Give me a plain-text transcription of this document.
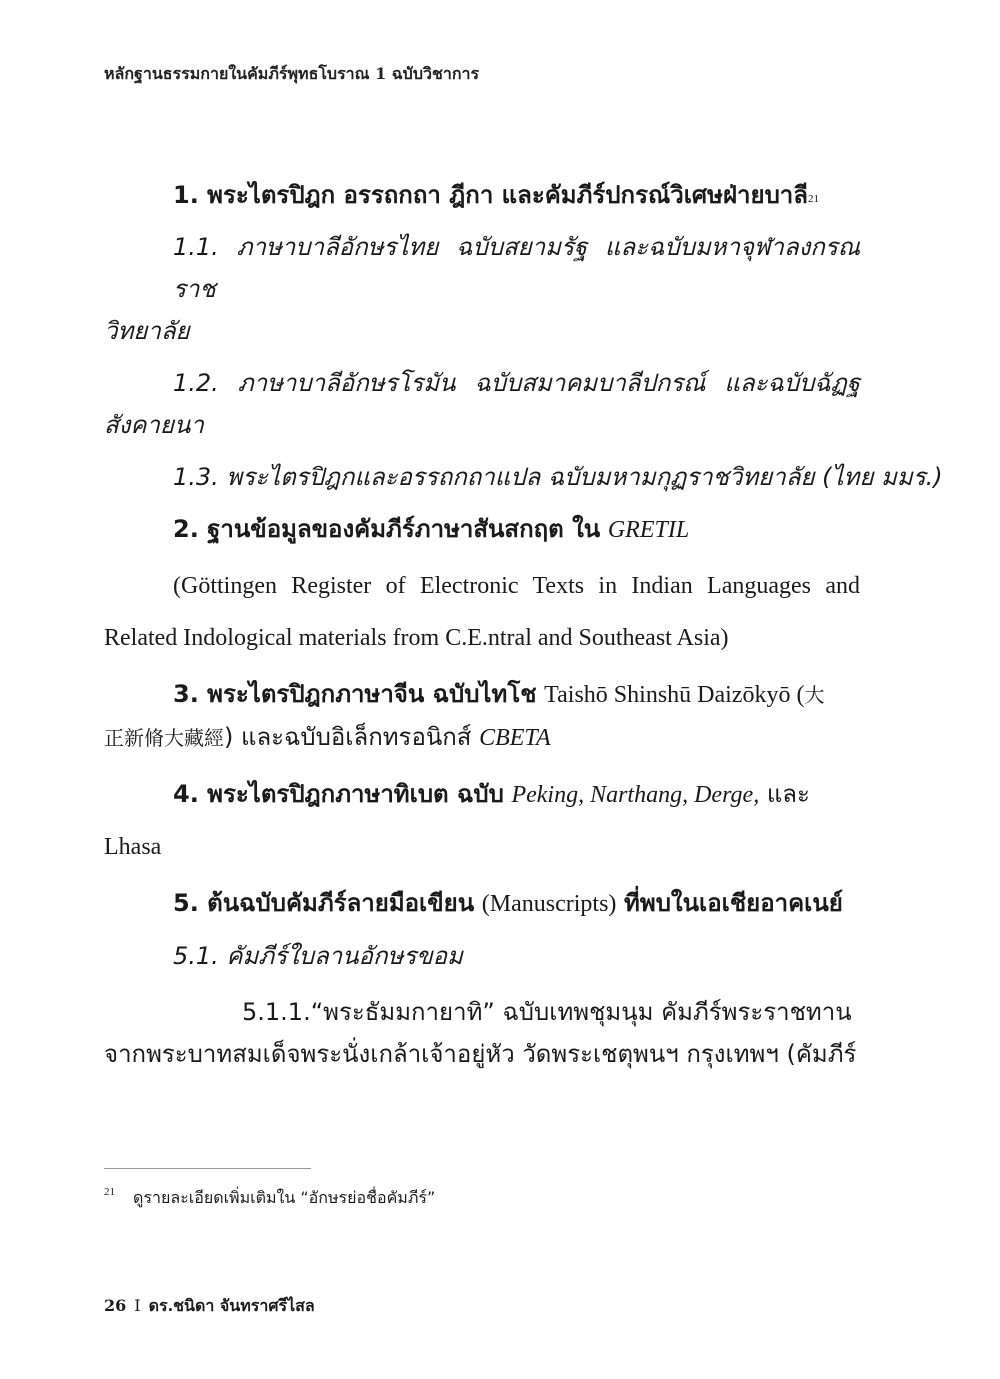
หลักฐานธรรมกายในคัมภีร์พุทธโบราณ 1 ฉบับวิชาการ
1. พระไตรปิฎก อรรถกถา ฎีกา และคัมภีร์ปกรณ์วิเศษฝ่ายบาลี$^{21}$
1.1. ภาษาบาลีอักษรไทย ฉบับสยามรัฐ และฉบับมหาจุฬาลงกรณราช
วิทยาลัย
1.2. ภาษาบาลีอักษรโรมัน ฉบับสมาคมบาลีปกรณ์ และฉบับฉัฏฐ
สังคายนา
1.3. พระไตรปิฎกและอรรถกถาแปล ฉบับมหามกุฏราชวิทยาลัย (ไทย มมร.)
2. ฐานข้อมูลของคัมภีร์ภาษาสันสกฤต ใน GRETIL
(Göttingen Register of Electronic Texts in Indian Languages and
Related Indological materials from C.E.ntral and Southeast Asia)
3. พระไตรปิฎกภาษาจีน ฉบับไทโช Taishō Shinshū Daizōkyō (大
正新脩大藏經) และฉบับอิเล็กทรอนิกส์ CBETA
4. พระไตรปิฎกภาษาทิเบต ฉบับ Peking, Narthang, Derge, และ
Lhasa
5. ต้นฉบับคัมภีร์ลายมือเขียน (Manuscripts) ที่พบในเอเชียอาคเนย์
5.1. คัมภีร์ใบลานอักษรขอม
5.1.1.“พระธัมมกายาทิ” ฉบับเทพชุมนุม คัมภีร์พระราชทาน
จากพระบาทสมเด็จพระนั่งเกล้าเจ้าอยู่หัว วัดพระเชตุพนฯ กรุงเทพฯ (คัมภีร์
$^{21}$ ดูรายละเอียดเพิ่มเติมใน “อักษรย่อชื่อคัมภีร์”
26 I ดร.ชนิดา จันทราศรีไสล
